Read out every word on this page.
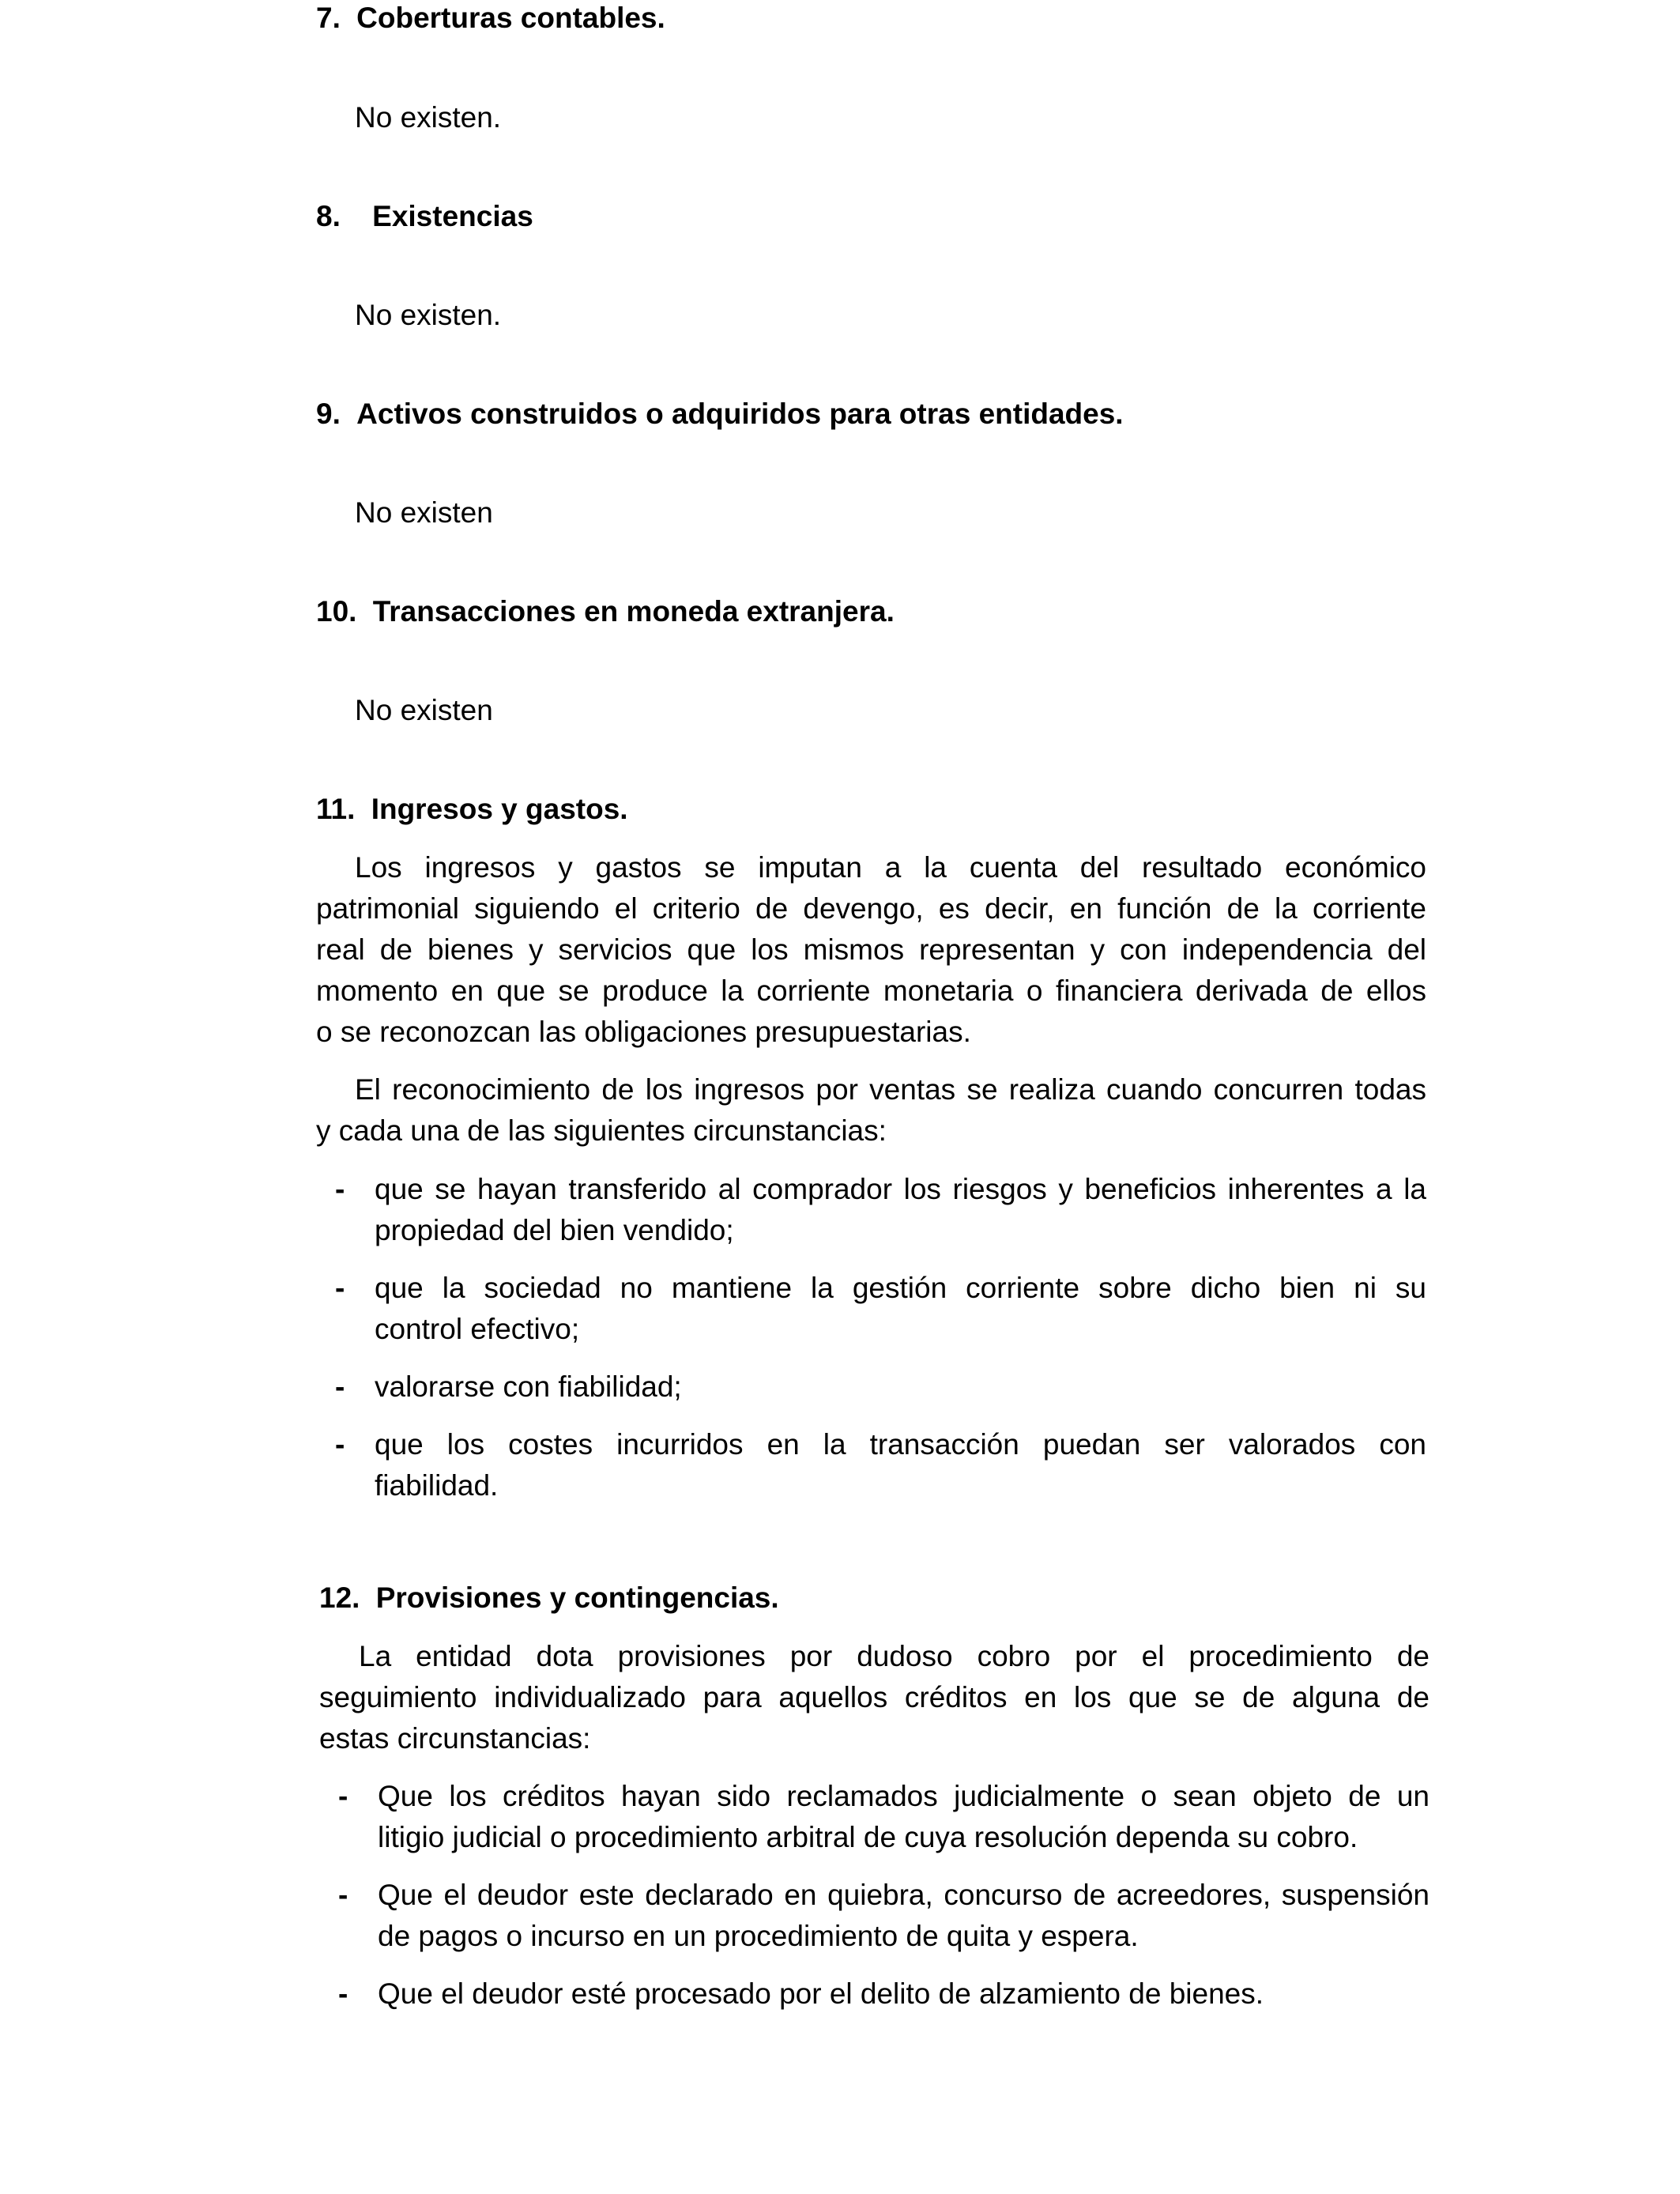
7. Coberturas contables.
No existen.
8. Existencias
No existen.
9. Activos construidos o adquiridos para otras entidades.
No existen
10. Transacciones en moneda extranjera.
No existen
11. Ingresos y gastos.
Los ingresos y gastos se imputan a la cuenta del resultado económico
patrimonial siguiendo el criterio de devengo, es decir, en función de la corriente
real de bienes y servicios que los mismos representan y con independencia del
momento en que se produce la corriente monetaria o financiera derivada de ellos
o se reconozcan las obligaciones presupuestarias.
El reconocimiento de los ingresos por ventas se realiza cuando concurren todas
y cada una de las siguientes circunstancias:
- que se hayan transferido al comprador los riesgos y beneficios inherentes a la
propiedad del bien vendido;
- que la sociedad no mantiene la gestión corriente sobre dicho bien ni su
control efectivo;
- valorarse con fiabilidad;
- que los costes incurridos en la transacción puedan ser valorados con
fiabilidad.
12. Provisiones y contingencias.
La entidad dota provisiones por dudoso cobro por el procedimiento de
seguimiento individualizado para aquellos créditos en los que se de alguna de
estas circunstancias:
- Que los créditos hayan sido reclamados judicialmente o sean objeto de un
litigio judicial o procedimiento arbitral de cuya resolución dependa su cobro.
- Que el deudor este declarado en quiebra, concurso de acreedores, suspensión
de pagos o incurso en un procedimiento de quita y espera.
- Que el deudor esté procesado por el delito de alzamiento de bienes.
